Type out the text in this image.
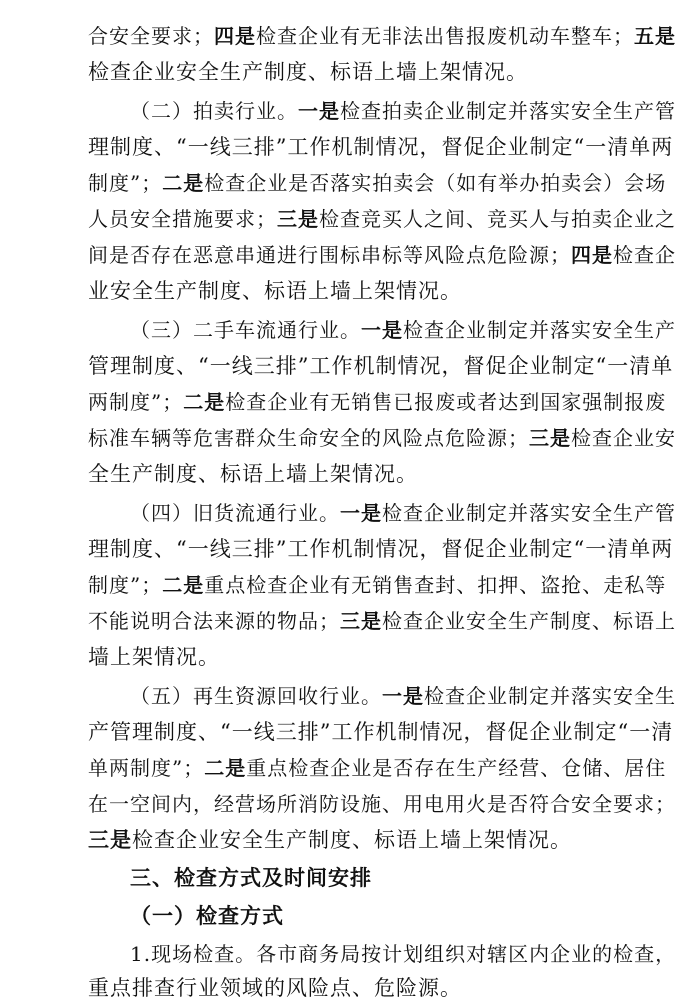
合安全要求；四是检查企业有无非法出售报废机动车整车；五是

检查企业安全生产制度、标语上墙上架情况。

（二）拍卖行业。一是检查拍卖企业制定并落实安全生产管

理制度、“一线三排”工作机制情况，督促企业制定“一清单两

制度”；二是检查企业是否落实拍卖会（如有举办拍卖会）会场

人员安全措施要求；三是检查竞买人之间、竞买人与拍卖企业之

间是否存在恶意串通进行围标串标等风险点危险源；四是检查企

业安全生产制度、标语上墙上架情况。

（三）二手车流通行业。一是检查企业制定并落实安全生产

管理制度、“一线三排”工作机制情况，督促企业制定“一清单

两制度”；二是检查企业有无销售已报废或者达到国家强制报废

标准车辆等危害群众生命安全的风险点危险源；三是检查企业安

全生产制度、标语上墙上架情况。

（四）旧货流通行业。一是检查企业制定并落实安全生产管

理制度、“一线三排”工作机制情况，督促企业制定“一清单两

制度”；二是重点检查企业有无销售查封、扣押、盗抢、走私等

不能说明合法来源的物品；三是检查企业安全生产制度、标语上

墙上架情况。

（五）再生资源回收行业。一是检查企业制定并落实安全生

产管理制度、“一线三排”工作机制情况，督促企业制定“一清

单两制度”；二是重点检查企业是否存在生产经营、仓储、居住

在一空间内，经营场所消防设施、用电用火是否符合安全要求；

三是检查企业安全生产制度、标语上墙上架情况。

三、检查方式及时间安排

（一）检查方式

1.现场检查。各市商务局按计划组织对辖区内企业的检查，

重点排查行业领域的风险点、危险源。
